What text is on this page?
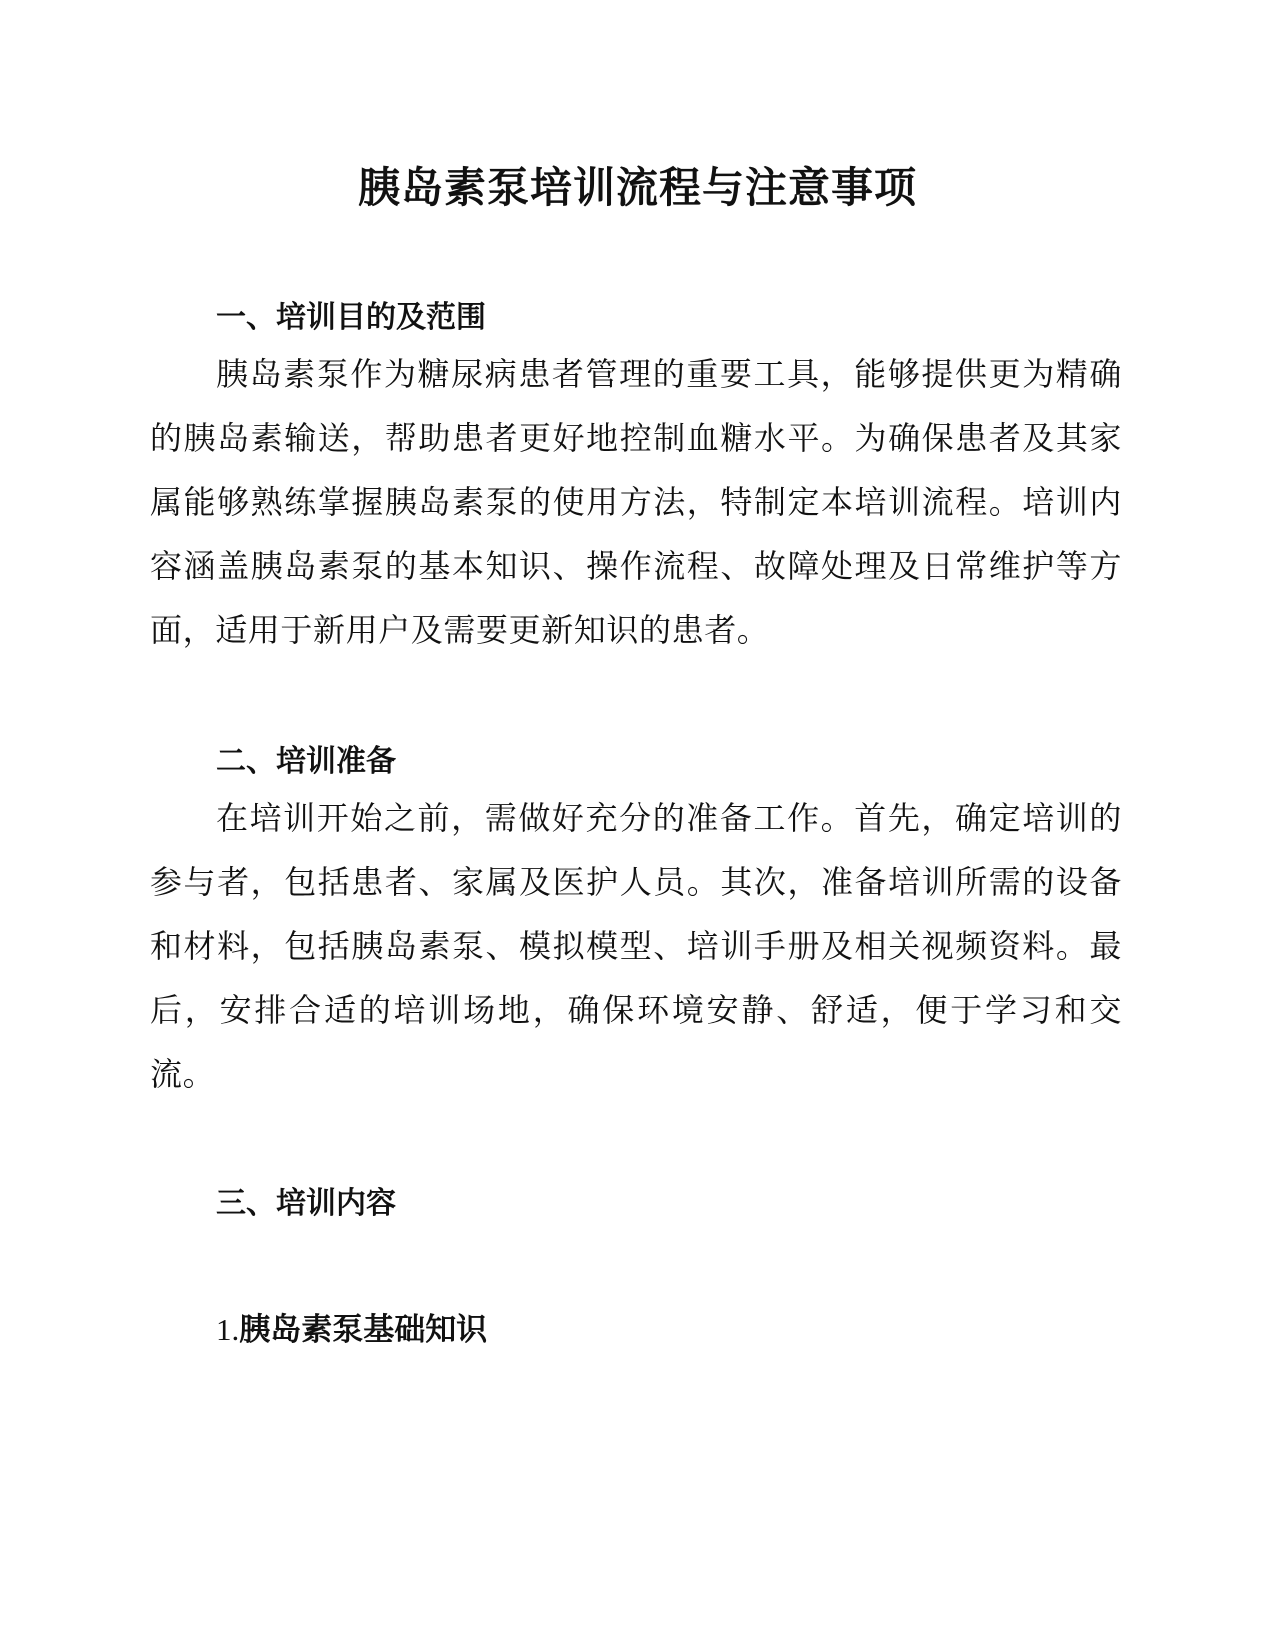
胰岛素泵培训流程与注意事项
一、培训目的及范围

胰岛素泵作为糖尿病患者管理的重要工具，能够提供更为精确的胰岛素输送，帮助患者更好地控制血糖水平。为确保患者及其家属能够熟练掌握胰岛素泵的使用方法，特制定本培训流程。培训内容涵盖胰岛素泵的基本知识、操作流程、故障处理及日常维护等方面，适用于新用户及需要更新知识的患者。

二、培训准备

在培训开始之前，需做好充分的准备工作。首先，确定培训的参与者，包括患者、家属及医护人员。其次，准备培训所需的设备和材料，包括胰岛素泵、模拟模型、培训手册及相关视频资料。最后，安排合适的培训场地，确保环境安静、舒适，便于学习和交流。

三、培训内容
1.胰岛素泵基础知识
